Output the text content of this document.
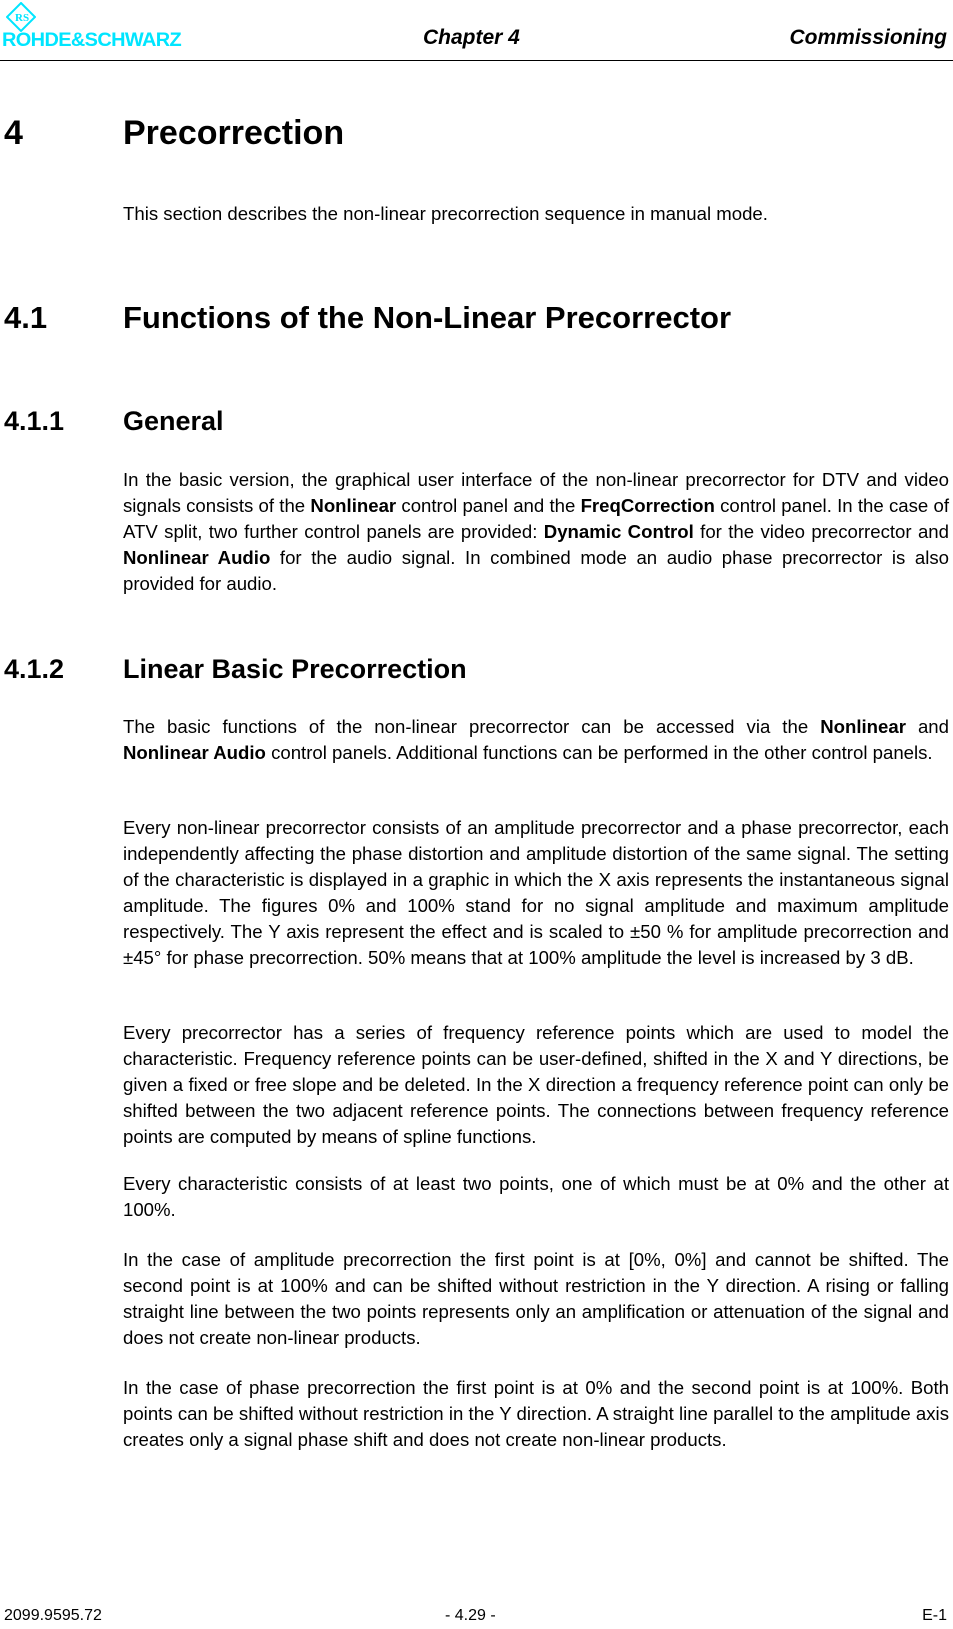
RS
ROHDE&SCHWARZ	Chapter 4	Commissioning
4	Precorrection

This section describes the non-linear precorrection sequence in manual mode.

4.1 Functions of the Non-Linear Precorrector
4.1.1 General

In the basic version, the graphical user interface of the non-linear precorrector for DTV and video signals consists of the Nonlinear control panel and the FreqCorrection control panel. In the case of ATV split, two further control panels are provided: Dynamic Control for the video precorrector and Nonlinear Audio for the audio signal. In combined mode an audio phase precorrector is also provided for audio.

4.1.2 Linear Basic Precorrection

The basic functions of the non-linear precorrector can be accessed via the Nonlinear and Nonlinear Audio control panels. Additional functions can be performed in the other control panels.

Every non-linear precorrector consists of an amplitude precorrector and a phase precorrector, each independently affecting the phase distortion and amplitude distortion of the same signal. The setting of the characteristic is displayed in a graphic in which the X axis represents the instantaneous signal amplitude. The figures 0% and 100% stand for no signal amplitude and maximum amplitude respectively. The Y axis represent the effect and is scaled to ±50 % for amplitude precorrection and ±45° for phase precorrection. 50% means that at 100% amplitude the level is increased by 3 dB.

Every precorrector has a series of frequency reference points which are used to model the characteristic. Frequency reference points can be user-defined, shifted in the X and Y directions, be given a fixed or free slope and be deleted. In the X direction a frequency reference point can only be shifted between the two adjacent reference points. The connections between frequency reference points are computed by means of spline functions.

Every characteristic consists of at least two points, one of which must be at 0% and the other at 100%.

In the case of amplitude precorrection the first point is at [0%, 0%] and cannot be shifted. The second point is at 100% and can be shifted without restriction in the Y direction. A rising or falling straight line between the two points represents only an amplification or attenuation of the signal and does not create non-linear products.

In the case of phase precorrection the first point is at 0% and the second point is at 100%. Both points can be shifted without restriction in the Y direction. A straight line parallel to the amplitude axis creates only a signal phase shift and does not create non-linear products.

2099.9595.72	- 4.29 -	E-1
